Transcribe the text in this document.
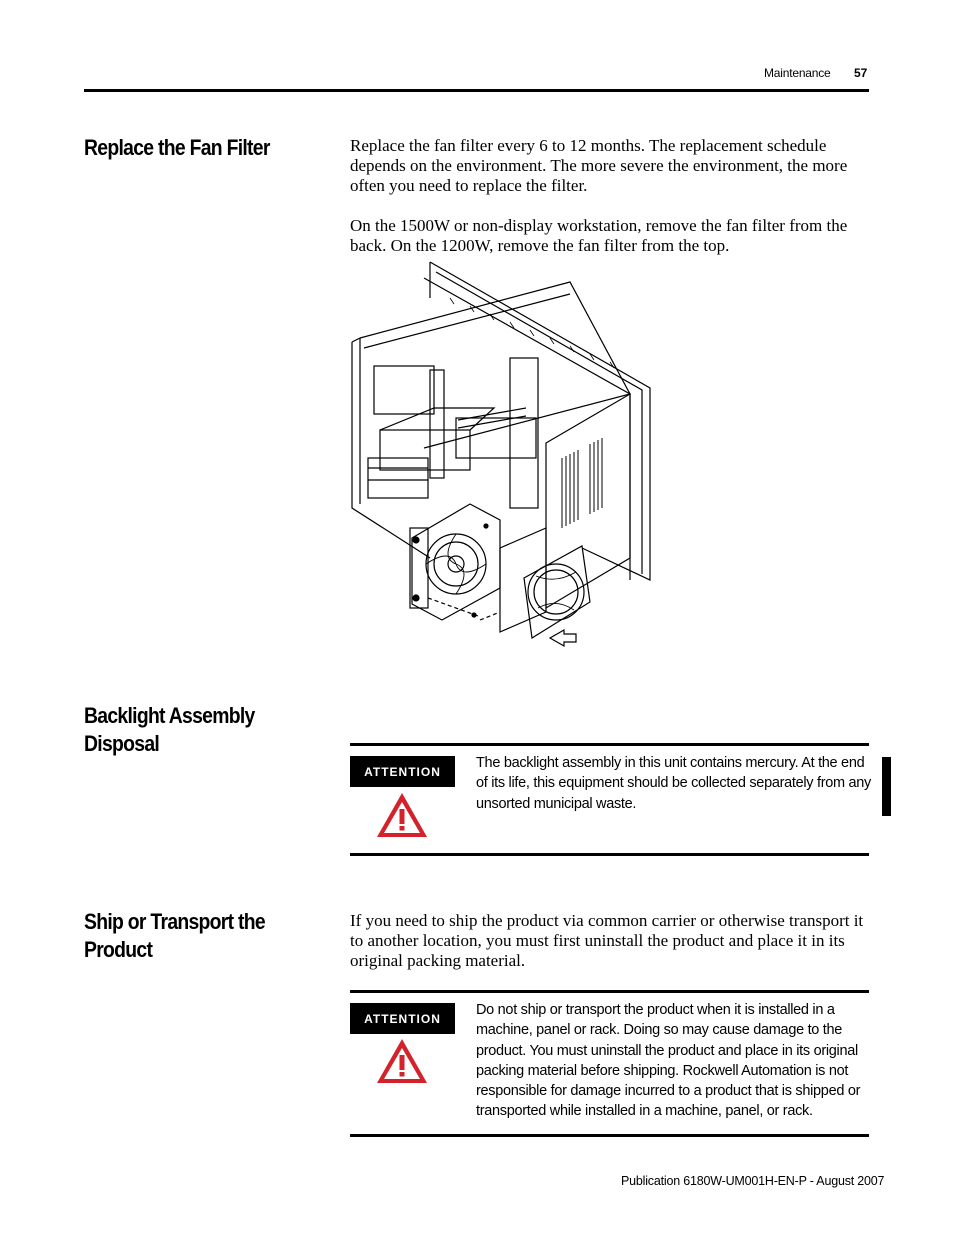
Maintenance 57
Replace the Fan Filter	Replace the fan filter every 6 to 12 months. The replacement schedule depends on the environment. The more severe the environment, the more often you need to replace the filter.
On the 1500W or non-display workstation, remove the fan filter from the back. On the 1200W, remove the fan filter from the top.
Backlight Assembly
Disposal
ATTENTION
The backlight assembly in this unit contains mercury. At the end of its life, this equipment should be collected separately from any unsorted municipal waste.
Ship or Transport the
Product
If you need to ship the product via common carrier or otherwise transport it to another location, you must first uninstall the product and place it in its original packing material.
ATTENTION
Do not ship or transport the product when it is installed in a machine, panel or rack. Doing so may cause damage to the product. You must uninstall the product and place in its original packing material before shipping. Rockwell Automation is not responsible for damage incurred to a product that is shipped or transported while installed in a machine, panel, or rack.
Publication 6180W-UM001H-EN-P - August 2007
